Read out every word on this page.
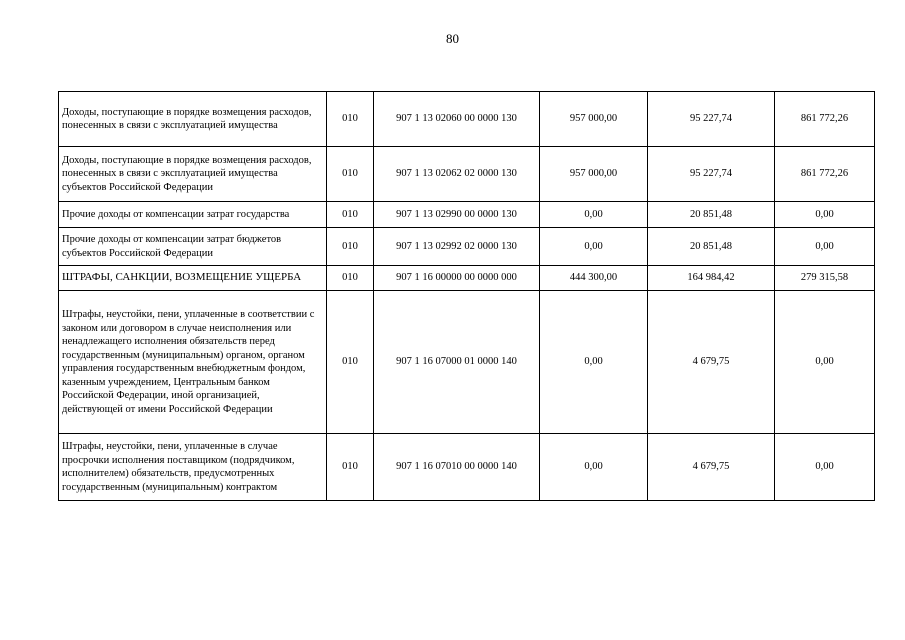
80
Доходы, поступающие в порядке возмещения расходов, понесенных в связи с эксплуатацией имущества	010	907 1 13 02060 00 0000 130	957 000,00	95 227,74	861 772,26
Доходы, поступающие в порядке возмещения расходов, понесенных в связи с эксплуатацией имущества субъектов Российской Федерации	010	907 1 13 02062 02 0000 130	957 000,00	95 227,74	861 772,26
Прочие доходы от компенсации затрат государства	010	907 1 13 02990 00 0000 130	0,00	20 851,48	0,00
Прочие доходы от компенсации затрат бюджетов субъектов Российской Федерации	010	907 1 13 02992 02 0000 130	0,00	20 851,48	0,00
ШТРАФЫ, САНКЦИИ, ВОЗМЕЩЕНИЕ УЩЕРБА	010	907 1 16 00000 00 0000 000	444 300,00	164 984,42	279 315,58
Штрафы, неустойки, пени, уплаченные в соответствии с законом или договором в случае неисполнения или ненадлежащего исполнения обязательств перед государственным (муниципальным) органом, органом управления государственным внебюджетным фондом, казенным учреждением, Центральным банком Российской Федерации, иной организацией, действующей от имени Российской Федерации	010	907 1 16 07000 01 0000 140	0,00	4 679,75	0,00
Штрафы, неустойки, пени, уплаченные в случае просрочки исполнения поставщиком (подрядчиком, исполнителем) обязательств, предусмотренных государственным (муниципальным) контрактом	010	907 1 16 07010 00 0000 140	0,00	4 679,75	0,00
